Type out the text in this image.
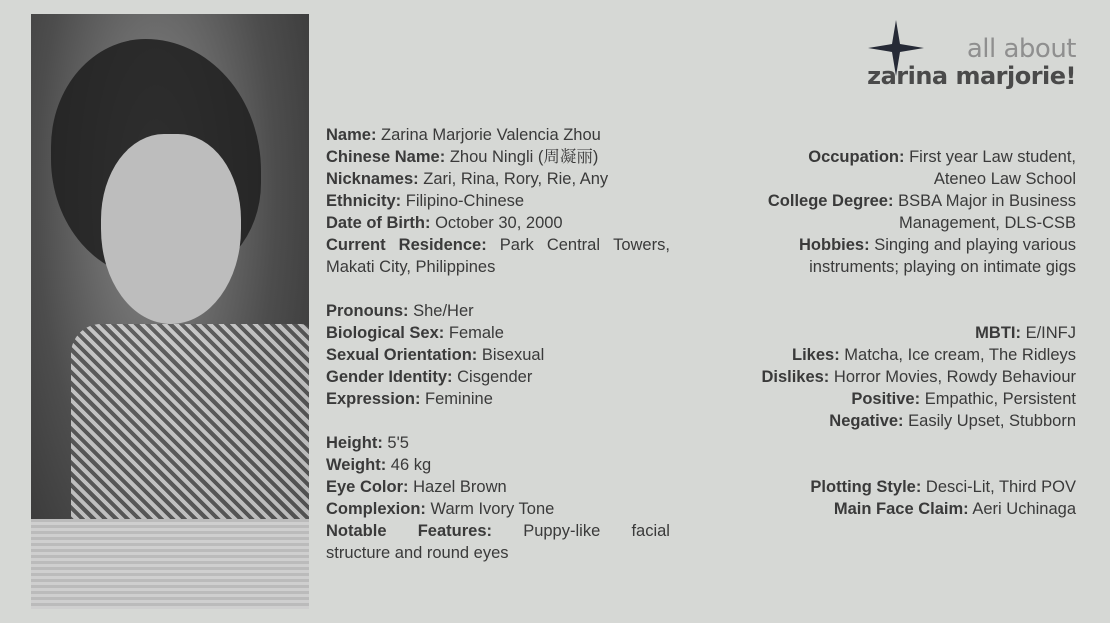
all about
zarina marjorie!
Name: Zarina Marjorie Valencia Zhou
Chinese Name: Zhou Ningli (周凝丽)
Nicknames: Zari, Rina, Rory, Rie, Any
Ethnicity: Filipino-Chinese
Date of Birth: October 30, 2000
Current Residence: Park Central Towers,
Makati City, Philippines
Pronouns: She/Her
Biological Sex: Female
Sexual Orientation: Bisexual
Gender Identity: Cisgender
Expression: Feminine
Height: 5'5
Weight: 46 kg
Eye Color: Hazel Brown
Complexion: Warm Ivory Tone
Notable Features: Puppy-like facial
structure and round eyes
Occupation: First year Law student,
Ateneo Law School
College Degree: BSBA Major in Business
Management, DLS-CSB
Hobbies: Singing and playing various
instruments; playing on intimate gigs
MBTI: E/INFJ
Likes: Matcha, Ice cream, The Ridleys
Dislikes: Horror Movies, Rowdy Behaviour
Positive: Empathic, Persistent
Negative: Easily Upset, Stubborn
Plotting Style: Desci-Lit, Third POV
Main Face Claim: Aeri Uchinaga
